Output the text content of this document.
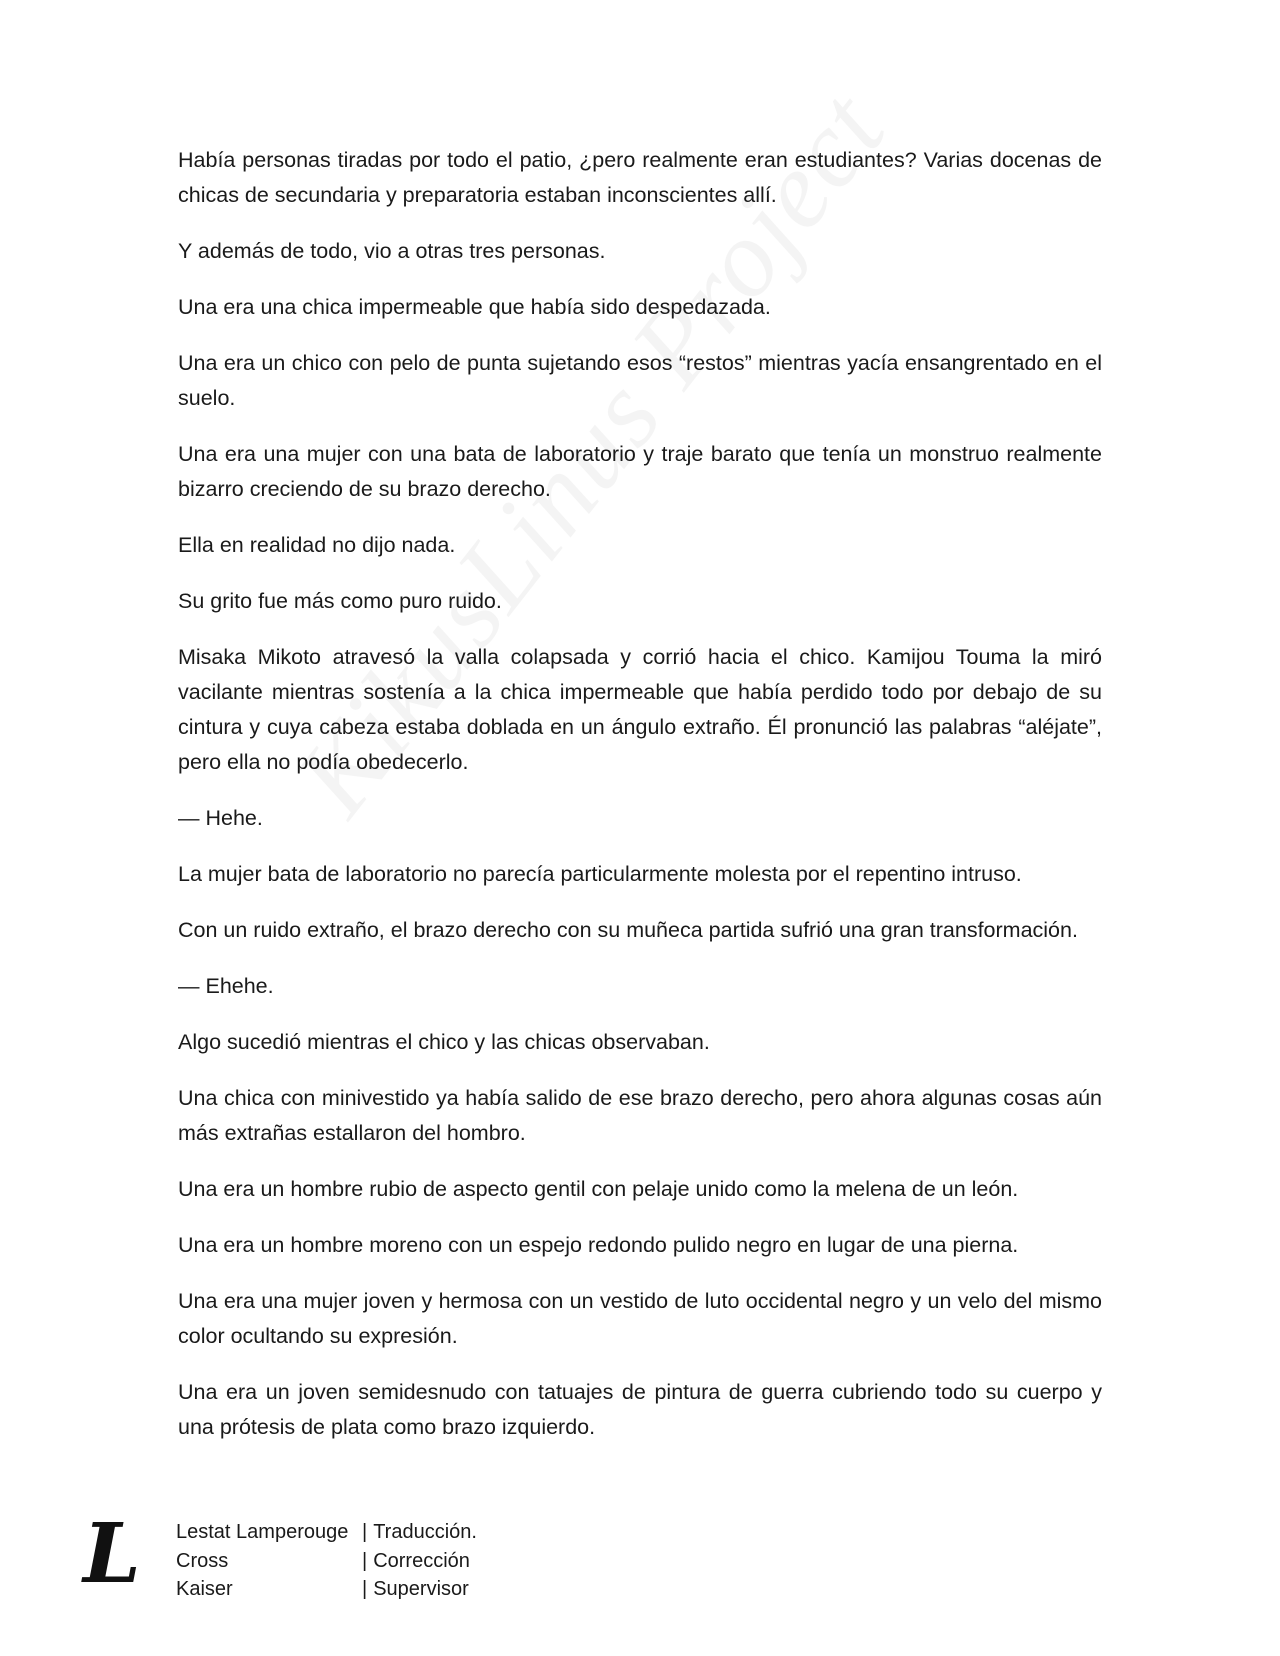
Había personas tiradas por todo el patio, ¿pero realmente eran estudiantes? Varias docenas de chicas de secundaria y preparatoria estaban inconscientes allí.

Y además de todo, vio a otras tres personas.

Una era una chica impermeable que había sido despedazada.

Una era un chico con pelo de punta sujetando esos “restos” mientras yacía ensangrentado en el suelo.

Una era una mujer con una bata de laboratorio y traje barato que tenía un monstruo realmente bizarro creciendo de su brazo derecho.

Ella en realidad no dijo nada.

Su grito fue más como puro ruido.

Misaka Mikoto atravesó la valla colapsada y corrió hacia el chico. Kamijou Touma la miró vacilante mientras sostenía a la chica impermeable que había perdido todo por debajo de su cintura y cuya cabeza estaba doblada en un ángulo extraño. Él pronunció las palabras “aléjate”, pero ella no podía obedecerlo.

— Hehe.

La mujer bata de laboratorio no parecía particularmente molesta por el repentino intruso.

Con un ruido extraño, el brazo derecho con su muñeca partida sufrió una gran transformación.

— Ehehe.

Algo sucedió mientras el chico y las chicas observaban.

Una chica con minivestido ya había salido de ese brazo derecho, pero ahora algunas cosas aún más extrañas estallaron del hombro.

Una era un hombre rubio de aspecto gentil con pelaje unido como la melena de un león.

Una era un hombre moreno con un espejo redondo pulido negro en lugar de una pierna.

Una era una mujer joven y hermosa con un vestido de luto occidental negro y un velo del mismo color ocultando su expresión.

Una era un joven semidesnudo con tatuajes de pintura de guerra cubriendo todo su cuerpo y una prótesis de plata como brazo izquierdo.

L Lestat Lamperouge | Traducción.
Cross	| Corrección
Kaiser	| Supervisor
